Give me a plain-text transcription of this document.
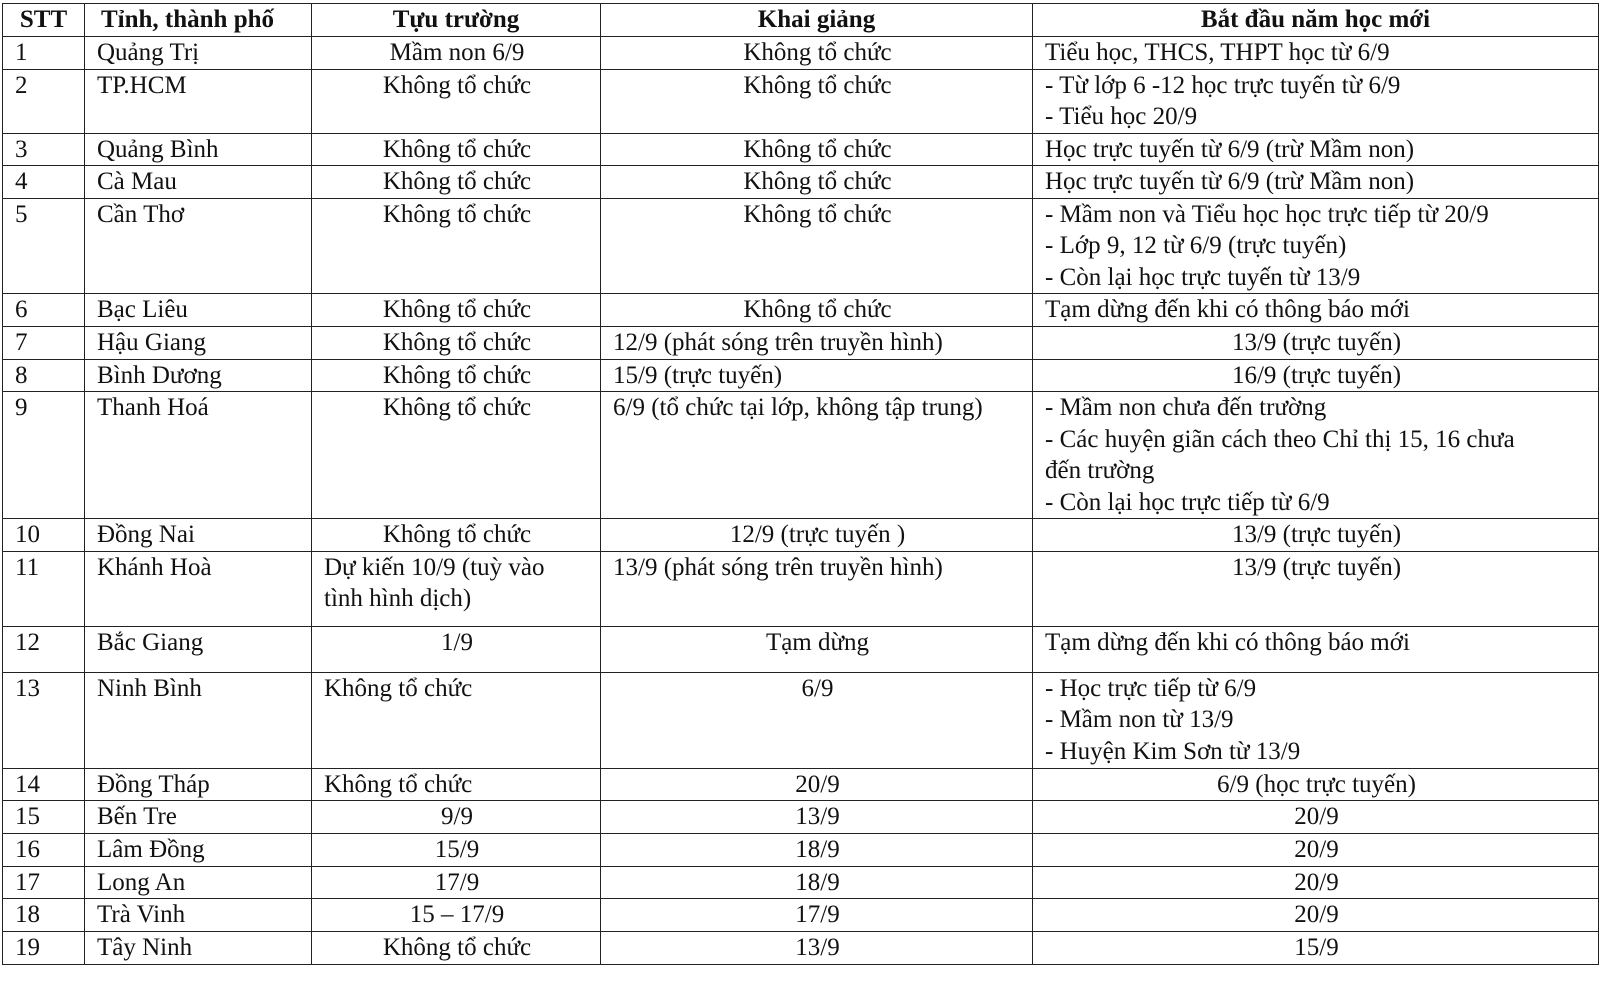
STT	Tỉnh, thành phố	Tựu trường	Khai giảng	Bắt đầu năm học mới
1	Quảng Trị	Mầm non 6/9	Không tổ chức	Tiểu học, THCS, THPT học từ 6/9

2	TP.HCM	Không tổ chức	Không tổ chức	- Từ lớp 6 -12 học trực tuyến từ 6/9
- Tiểu học 20/9

3	Quảng Bình	Không tổ chức	Không tổ chức	Học trực tuyến từ 6/9 (trừ Mầm non)

4	Cà Mau	Không tổ chức	Không tổ chức	Học trực tuyến từ 6/9 (trừ Mầm non)

5	Cần Thơ	Không tổ chức	Không tổ chức	- Mầm non và Tiểu học học trực tiếp từ 20/9
- Lớp 9, 12 từ 6/9 (trực tuyến)
- Còn lại học trực tuyến từ 13/9

6	Bạc Liêu	Không tổ chức	Không tổ chức	Tạm dừng đến khi có thông báo mới

7	Hậu Giang	Không tổ chức	12/9 (phát sóng trên truyền hình)	13/9 (trực tuyến)

8	Bình Dương	Không tổ chức	15/9 (trực tuyến)	16/9 (trực tuyến)

9	Thanh Hoá	Không tổ chức	6/9 (tổ chức tại lớp, không tập trung)	- Mầm non chưa đến trường
- Các huyện giãn cách theo Chỉ thị 15, 16 chưa
đến trường
- Còn lại học trực tiếp từ 6/9

10	Đồng Nai	Không tổ chức	12/9 (trực tuyến )	13/9 (trực tuyến)

11	Khánh Hoà	Dự kiến 10/9 (tuỳ vào tình hình dịch)	13/9 (phát sóng trên truyền hình)	13/9 (trực tuyến)

12	Bắc Giang	1/9	Tạm dừng	Tạm dừng đến khi có thông báo mới

13	Ninh Bình	Không tổ chức	6/9	- Học trực tiếp từ 6/9
- Mầm non từ 13/9
- Huyện Kim Sơn từ 13/9

14	Đồng Tháp	Không tổ chức	20/9	6/9 (học trực tuyến)

15	Bến Tre	9/9	13/9	20/9

16	Lâm Đồng	15/9	18/9	20/9

17	Long An	17/9	18/9	20/9

18	Trà Vinh	15 – 17/9	17/9	20/9

19	Tây Ninh	Không tổ chức	13/9	15/9
